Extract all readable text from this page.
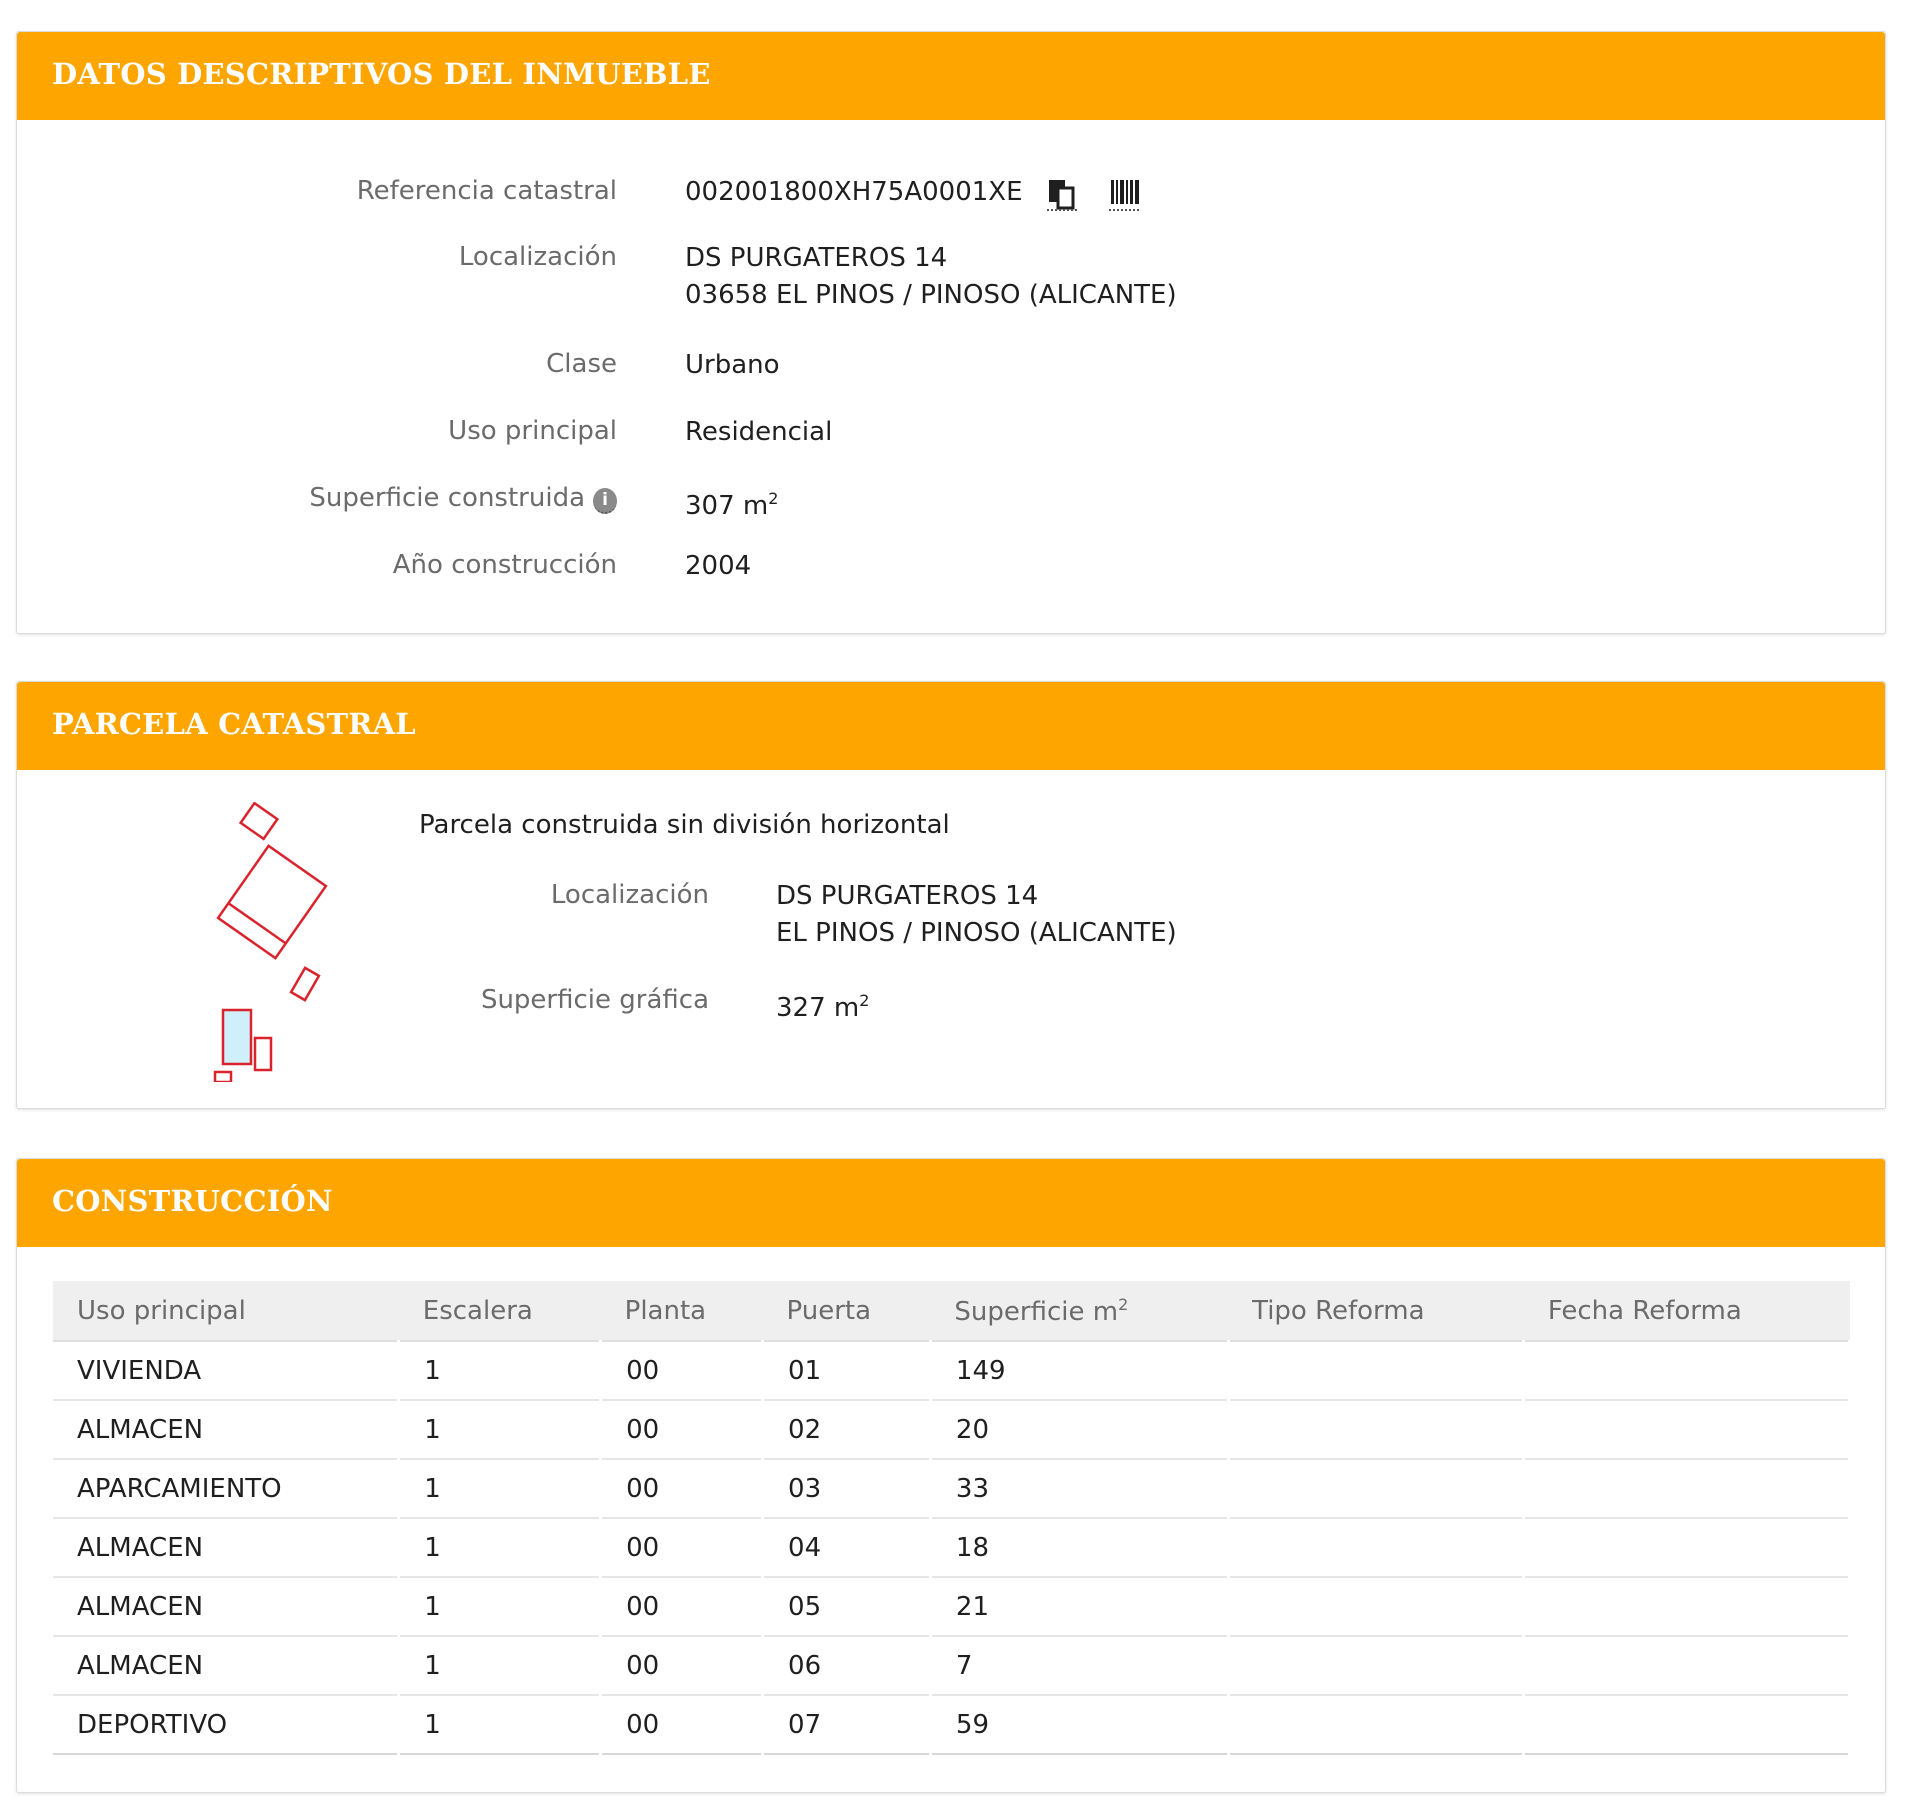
DATOS DESCRIPTIVOS DEL INMUEBLE
Referencia catastral	002001800XH75A0001XE
Localización	DS PURGATEROS 14
03658 EL PINOS / PINOSO (ALICANTE)
Clase	Urbano
Uso principal	Residencial
Superficie construida i	307 $m^2$
Año construcción	2004
PARCELA CATASTRAL
Parcela construida sin división horizontal
Localización	DS PURGATEROS 14
EL PINOS / PINOSO (ALICANTE)
Superficie gráfica	327 $m^2$
CONSTRUCCIÓN
Uso principal	Escalera	Planta	Puerta	Superficie $m^2$	Tipo Reforma	Fecha Reforma
VIVIENDA	1	00	01	149		
ALMACEN	1	00	02	20		
APARCAMIENTO	1	00	03	33		
ALMACEN	1	00	04	18		
ALMACEN	1	00	05	21		
ALMACEN	1	00	06	7		
DEPORTIVO	1	00	07	59		
